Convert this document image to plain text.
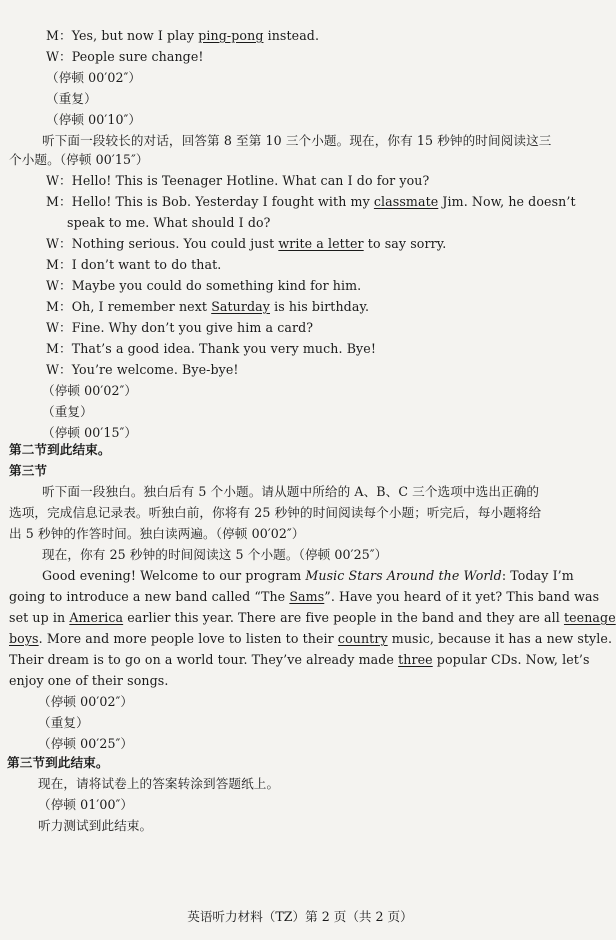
M：Yes, but now I play ping-pong instead.
W：People sure change!
（停顿 00′02″）
（重复）
（停顿 00′10″）
听下面一段较长的对话，回答第 8 至第 10 三个小题。现在，你有 15 秒钟的时间阅读这三
个小题。（停顿 00′15″）
W：Hello! This is Teenager Hotline. What can I do for you?
M：Hello! This is Bob. Yesterday I fought with my classmate Jim. Now, he doesn’t
speak to me. What should I do?
W：Nothing serious. You could just write a letter to say sorry.
M：I don’t want to do that.
W：Maybe you could do something kind for him.
M：Oh, I remember next Saturday is his birthday.
W：Fine. Why don’t you give him a card?
M：That’s a good idea. Thank you very much. Bye!
W：You’re welcome. Bye-bye!
（停顿 00′02″）
（重复）
（停顿 00′15″）
第二节到此结束。
第三节
听下面一段独白。独白后有 5 个小题。请从题中所给的 A、B、C 三个选项中选出正确的
选项，完成信息记录表。听独白前，你将有 25 秒钟的时间阅读每个小题；听完后，每小题将给
出 5 秒钟的作答时间。独白读两遍。（停顿 00′02″）
现在，你有 25 秒钟的时间阅读这 5 个小题。（停顿 00′25″）
Good evening! Welcome to our program Music Stars Around the World: Today I’m
going to introduce a new band called “The Sams”. Have you heard of it yet? This band was
set up in America earlier this year. There are five people in the band and they are all teenage
boys. More and more people love to listen to their country music, because it has a new style.
Their dream is to go on a world tour. They’ve already made three popular CDs. Now, let’s
enjoy one of their songs.
（停顿 00′02″）
（重复）
（停顿 00′25″）
第三节到此结束。
现在，请将试卷上的答案转涂到答题纸上。
（停顿 01′00″）
听力测试到此结束。
英语听力材料（TZ）第 2 页（共 2 页）
